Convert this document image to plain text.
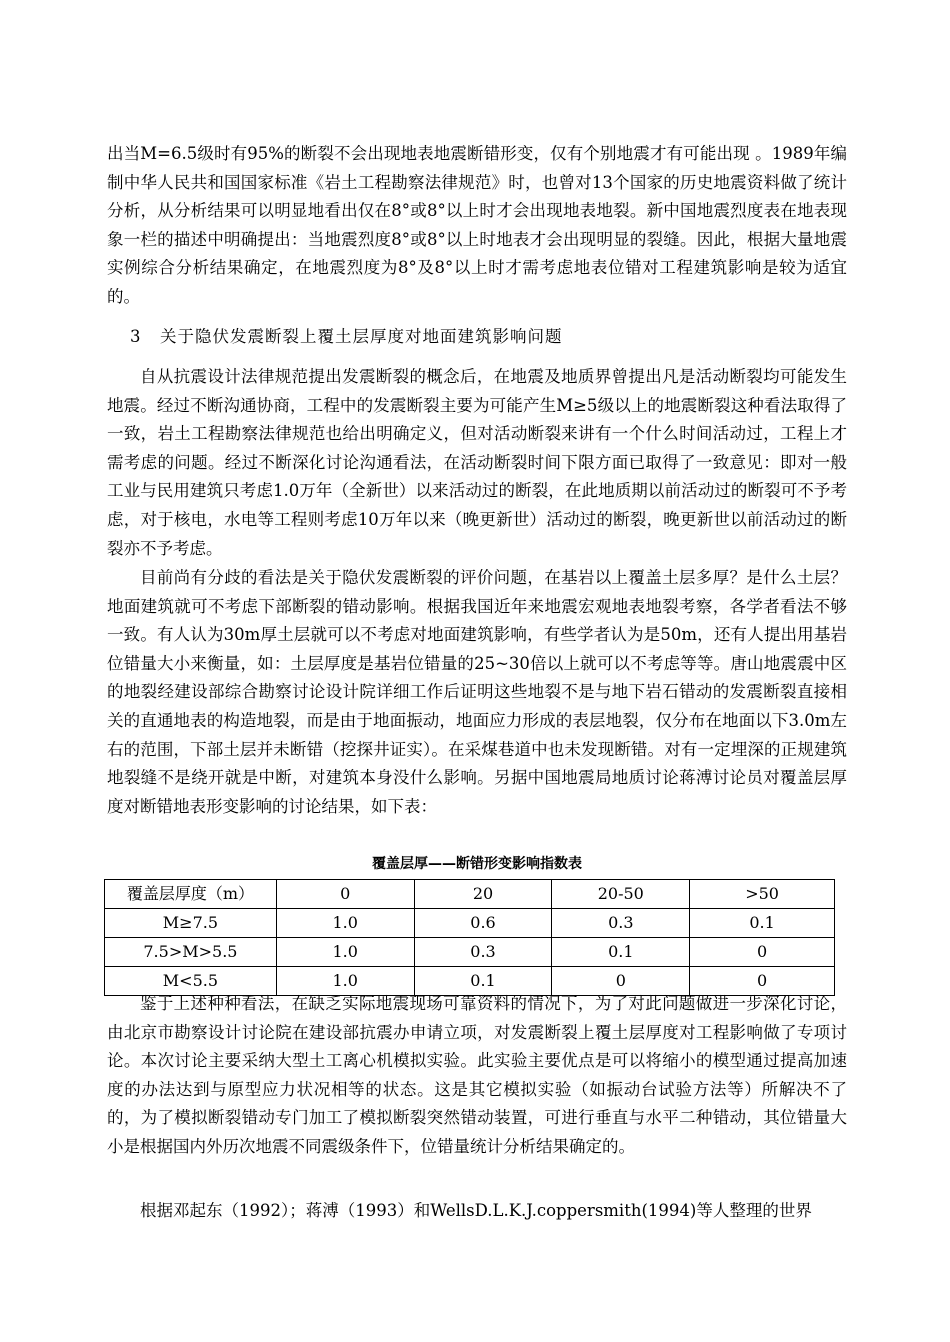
出当M=6.5级时有95%的断裂不会出现地表地震断错形变，仅有个别地震才有可能出现 。1989年编制中华人民共和国国家标准《岩土工程勘察法律规范》时，也曾对13个国家的历史地震资料做了统计分析，从分析结果可以明显地看出仅在8°或8°以上时才会出现地表地裂。新中国地震烈度表在地表现象一栏的描述中明确提出：当地震烈度8°或8°以上时地表才会出现明显的裂缝。因此，根据大量地震实例综合分析结果确定，在地震烈度为8°及8°以上时才需考虑地表位错对工程建筑影响是较为适宜的。

3 关于隐伏发震断裂上覆土层厚度对地面建筑影响问题

自从抗震设计法律规范提出发震断裂的概念后，在地震及地质界曾提出凡是活动断裂均可能发生地震。经过不断沟通协商，工程中的发震断裂主要为可能产生M≥5级以上的地震断裂这种看法取得了一致，岩土工程勘察法律规范也给出明确定义，但对活动断裂来讲有一个什么时间活动过，工程上才需考虑的问题。经过不断深化讨论沟通看法，在活动断裂时间下限方面已取得了一致意见：即对一般工业与民用建筑只考虑1.0万年（全新世）以来活动过的断裂，在此地质期以前活动过的断裂可不予考虑，对于核电，水电等工程则考虑10万年以来（晚更新世）活动过的断裂，晚更新世以前活动过的断裂亦不予考虑。

目前尚有分歧的看法是关于隐伏发震断裂的评价问题，在基岩以上覆盖土层多厚？是什么土层？地面建筑就可不考虑下部断裂的错动影响。根据我国近年来地震宏观地表地裂考察，各学者看法不够一致。有人认为30m厚土层就可以不考虑对地面建筑影响，有些学者认为是50m，还有人提出用基岩位错量大小来衡量，如：土层厚度是基岩位错量的25~30倍以上就可以不考虑等等。唐山地震震中区的地裂经建设部综合勘察讨论设计院详细工作后证明这些地裂不是与地下岩石错动的发震断裂直接相关的直通地表的构造地裂，而是由于地面振动，地面应力形成的表层地裂，仅分布在地面以下3.0m左右的范围，下部土层并未断错（挖探井证实）。在采煤巷道中也未发现断错。对有一定埋深的正规建筑地裂缝不是绕开就是中断，对建筑本身没什么影响。另据中国地震局地质讨论蒋溥讨论员对覆盖层厚度对断错地表形变影响的讨论结果，如下表：

覆盖层厚——断错形变影响指数表

覆盖层厚度（m）	0	20	20-50	>50
M≥7.5	1.0	0.6	0.3	0.1
7.5>M>5.5	1.0	0.3	0.1	0
M<5.5	1.0	0.1	0	0

鉴于上述种种看法，在缺乏实际地震现场可靠资料的情况下，为了对此问题做进一步深化讨论，由北京市勘察设计讨论院在建设部抗震办申请立项，对发震断裂上覆土层厚度对工程影响做了专项讨论。本次讨论主要采纳大型土工离心机模拟实验。此实验主要优点是可以将缩小的模型通过提高加速度的办法达到与原型应力状况相等的状态。这是其它模拟实验（如振动台试验方法等）所解决不了的，为了模拟断裂错动专门加工了模拟断裂突然错动装置，可进行垂直与水平二种错动，其位错量大小是根据国内外历次地震不同震级条件下，位错量统计分析结果确定的。

根据邓起东（1992）；蒋溥（1993）和WellsD.L.K.J.coppersmith(1994)等人整理的世界
